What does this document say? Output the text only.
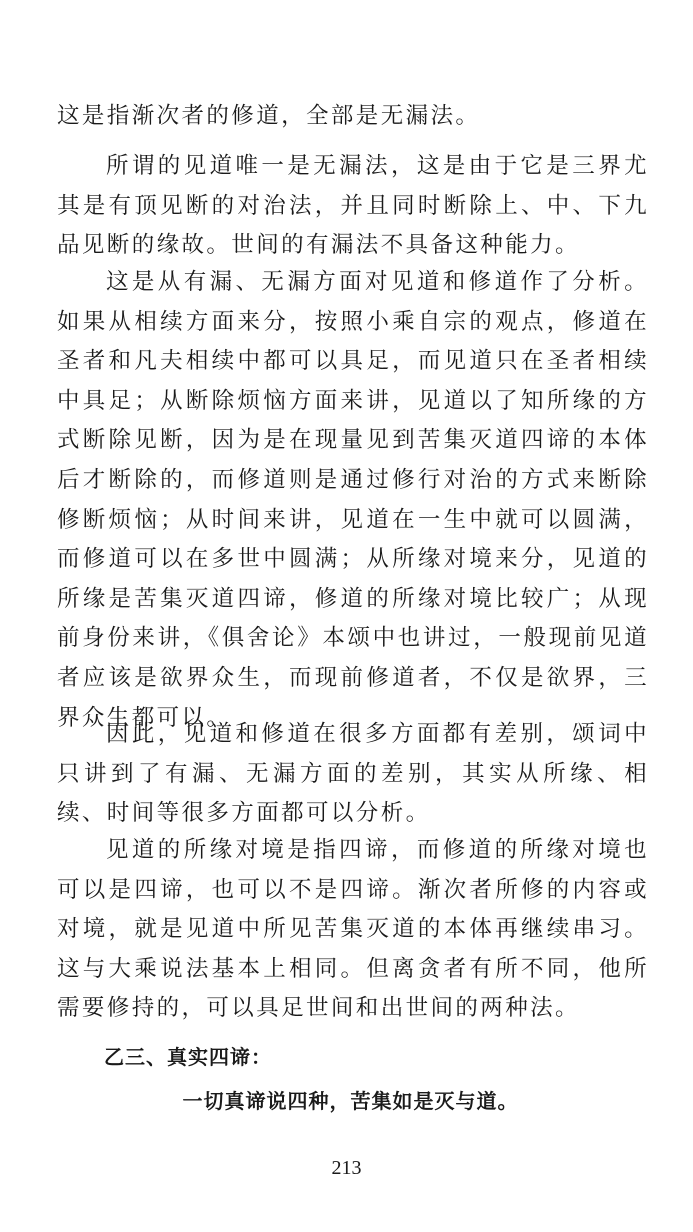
这是指渐次者的修道，全部是无漏法。

所谓的见道唯一是无漏法，这是由于它是三界尤其是有顶见断的对治法，并且同时断除上、中、下九品见断的缘故。世间的有漏法不具备这种能力。

这是从有漏、无漏方面对见道和修道作了分析。如果从相续方面来分，按照小乘自宗的观点，修道在圣者和凡夫相续中都可以具足，而见道只在圣者相续中具足；从断除烦恼方面来讲，见道以了知所缘的方式断除见断，因为是在现量见到苦集灭道四谛的本体后才断除的，而修道则是通过修行对治的方式来断除修断烦恼；从时间来讲，见道在一生中就可以圆满，而修道可以在多世中圆满；从所缘对境来分，见道的所缘是苦集灭道四谛，修道的所缘对境比较广；从现前身份来讲，《俱舍论》本颂中也讲过，一般现前见道者应该是欲界众生，而现前修道者，不仅是欲界，三界众生都可以。

因此，见道和修道在很多方面都有差别，颂词中只讲到了有漏、无漏方面的差别，其实从所缘、相续、时间等很多方面都可以分析。

见道的所缘对境是指四谛，而修道的所缘对境也可以是四谛，也可以不是四谛。渐次者所修的内容或对境，就是见道中所见苦集灭道的本体再继续串习。这与大乘说法基本上相同。但离贪者有所不同，他所需要修持的，可以具足世间和出世间的两种法。

乙三、真实四谛：

一切真谛说四种，苦集如是灭与道。

213
